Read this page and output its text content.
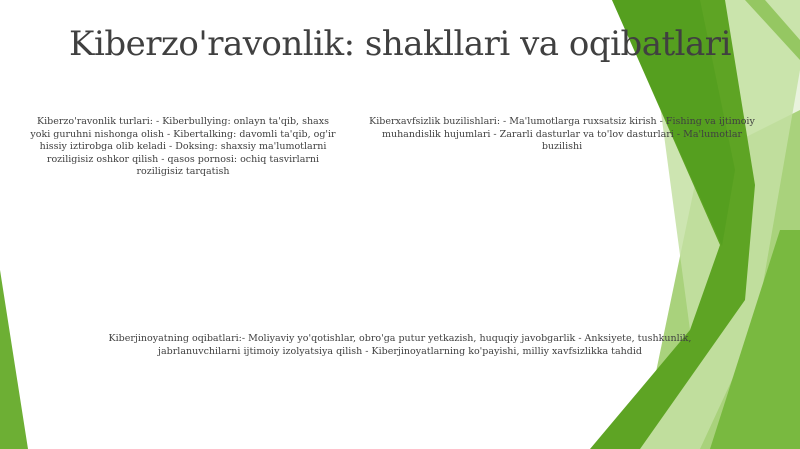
Kiberzo'ravonlik: shakllari va oqibatlari
Kiberzo'ravonlik turlari: - Kiberbullying: onlayn ta'qib, shaxs yoki guruhni nishonga olish - Kibertalking: davomli ta'qib, og'ir hissiy iztirobga olib keladi - Doksing: shaxsiy ma'lumotlarni roziligisiz oshkor qilish - qasos pornosi: ochiq tasvirlarni roziligisiz tarqatish
Kiberxavfsizlik buzilishlari: - Ma'lumotlarga ruxsatsiz kirish - Fishing va ijtimoiy muhandislik hujumlari - Zararli dasturlar va to'lov dasturlari - Ma'lumotlar buzilishi
Kiberjinoyatning oqibatlari:- Moliyaviy yo'qotishlar, obro'ga putur yetkazish, huquqiy javobgarlik - Anksiyete, tushkunlik, jabrlanuvchilarni ijtimoiy izolyatsiya qilish - Kiberjinoyatlarning ko'payishi, milliy xavfsizlikka tahdid
